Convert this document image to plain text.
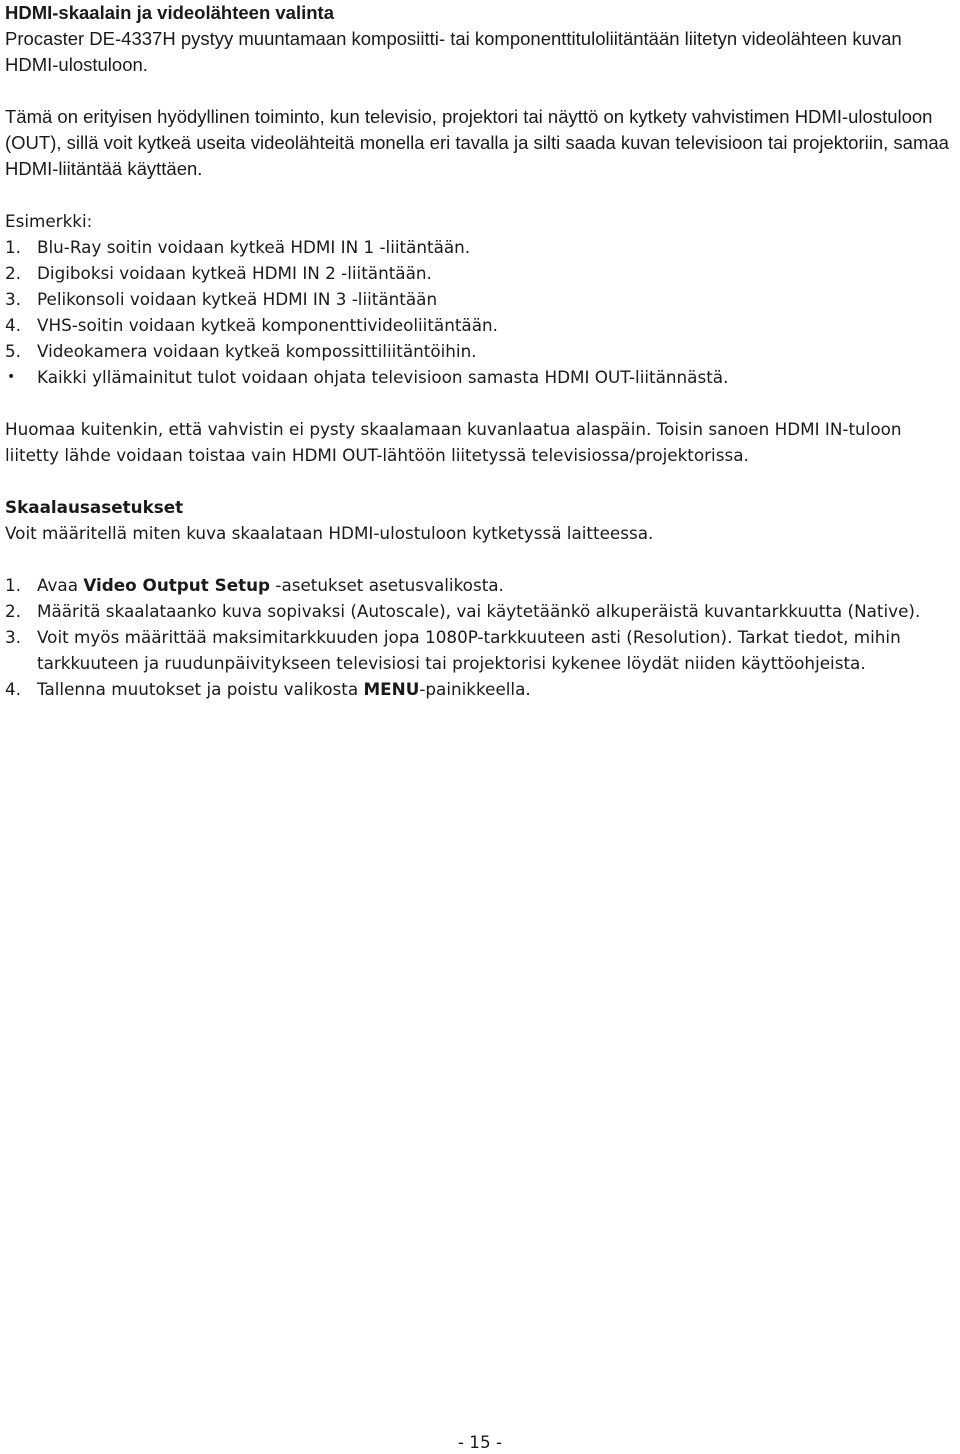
HDMI-skaalain ja videolähteen valinta

Procaster DE-4337H pystyy muuntamaan komposiitti- tai komponenttituloliitäntään liitetyn videolähteen kuvan HDMI-ulostuloon.

Tämä on erityisen hyödyllinen toiminto, kun televisio, projektori tai näyttö on kytkety vahvistimen HDMI-ulostuloon (OUT), sillä voit kytkeä useita videolähteitä monella eri tavalla ja silti saada kuvan televisioon tai projektoriin, samaa HDMI-liitäntää käyttäen.

Esimerkki:

1. Blu-Ray soitin voidaan kytkeä HDMI IN 1 -liitäntään.
2. Digiboksi voidaan kytkeä HDMI IN 2 -liitäntään.
3. Pelikonsoli voidaan kytkeä HDMI IN 3 -liitäntään
4. VHS-soitin voidaan kytkeä komponenttivideoliitäntään.
5. Videokamera voidaan kytkeä kompossittiliitäntöihin.
•	Kaikki yllämainitut tulot voidaan ohjata televisioon samasta HDMI OUT-liitännästä.

Huomaa kuitenkin, että vahvistin ei pysty skaalamaan kuvanlaatua alaspäin. Toisin sanoen HDMI IN-tuloon liitetty lähde voidaan toistaa vain HDMI OUT-lähtöön liitetyssä televisiossa/projektorissa.

Skaalausasetukset

Voit määritellä miten kuva skaalataan HDMI-ulostuloon kytketyssä laitteessa.

1. Avaa Video Output Setup -asetukset asetusvalikosta.
2. Määritä skaalataanko kuva sopivaksi (Autoscale), vai käytetäänkö alkuperäistä kuvantarkkuutta (Native).
3. Voit myös määrittää maksimitarkkuuden jopa 1080P-tarkkuuteen asti (Resolution). Tarkat tiedot, mihin tarkkuuteen ja ruudunpäivitykseen televisiosi tai projektorisi kykenee löydät niiden käyttöohjeista.
4. Tallenna muutokset ja poistu valikosta MENU-painikkeella.
- 15 -
